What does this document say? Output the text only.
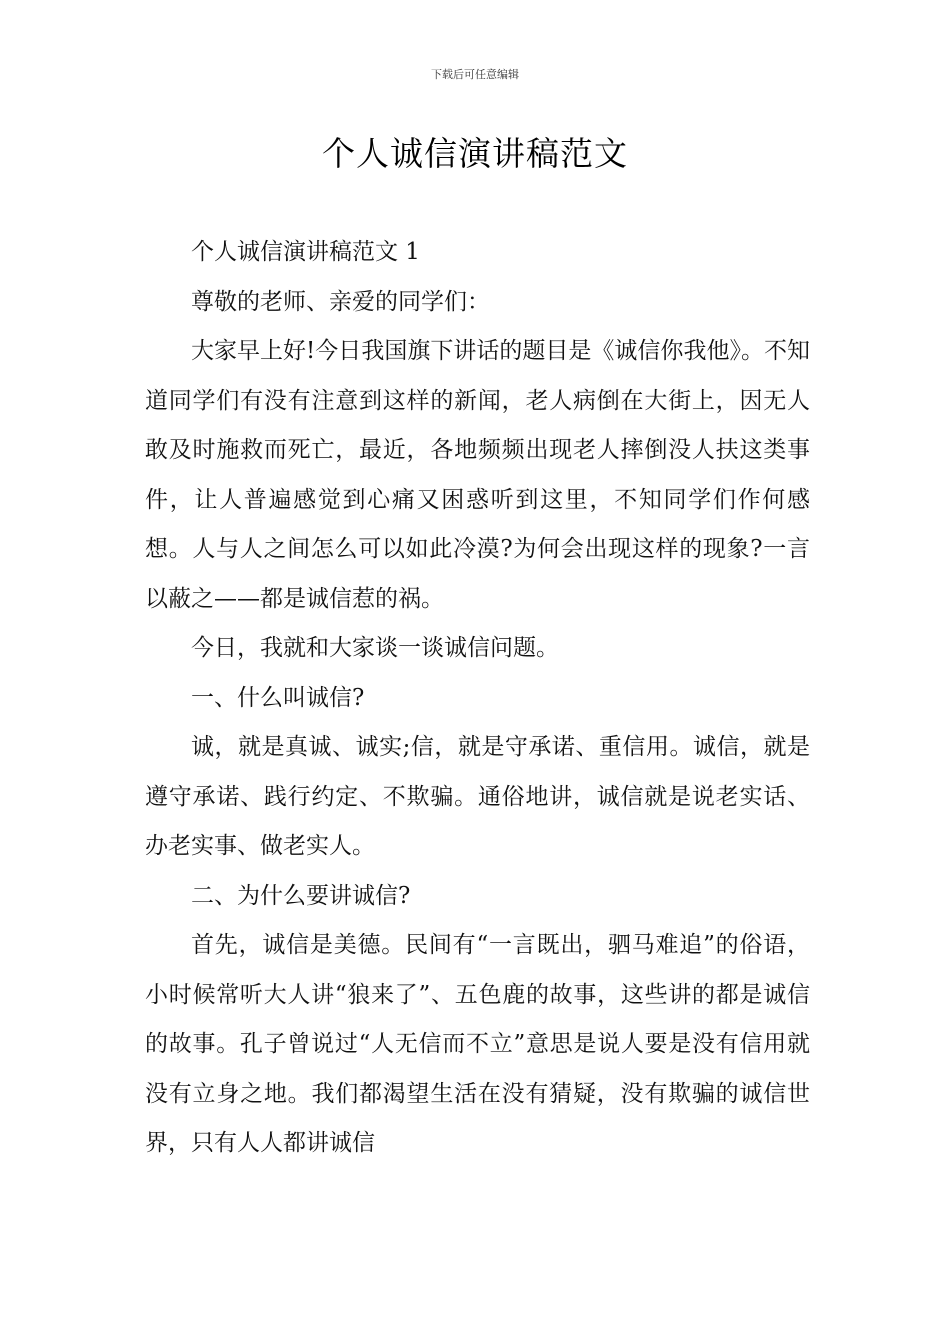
下载后可任意编辑
个人诚信演讲稿范文

个人诚信演讲稿范文 1

尊敬的老师、亲爱的同学们：

大家早上好!今日我国旗下讲话的题目是《诚信你我他》。不知道同学们有没有注意到这样的新闻，老人病倒在大街上，因无人敢及时施救而死亡，最近，各地频频出现老人摔倒没人扶这类事件，让人普遍感觉到心痛又困惑听到这里，不知同学们作何感想。人与人之间怎么可以如此冷漠?为何会出现这样的现象?一言以蔽之——都是诚信惹的祸。

今日，我就和大家谈一谈诚信问题。

一、什么叫诚信?

诚，就是真诚、诚实;信，就是守承诺、重信用。诚信，就是遵守承诺、践行约定、不欺骗。通俗地讲，诚信就是说老实话、办老实事、做老实人。

二、为什么要讲诚信?

首先，诚信是美德。民间有“一言既出，驷马难追”的俗语，小时候常听大人讲“狼来了”、五色鹿的故事，这些讲的都是诚信的故事。孔子曾说过“人无信而不立”意思是说人要是没有信用就没有立身之地。我们都渴望生活在没有猜疑，没有欺骗的诚信世界，只有人人都讲诚信
